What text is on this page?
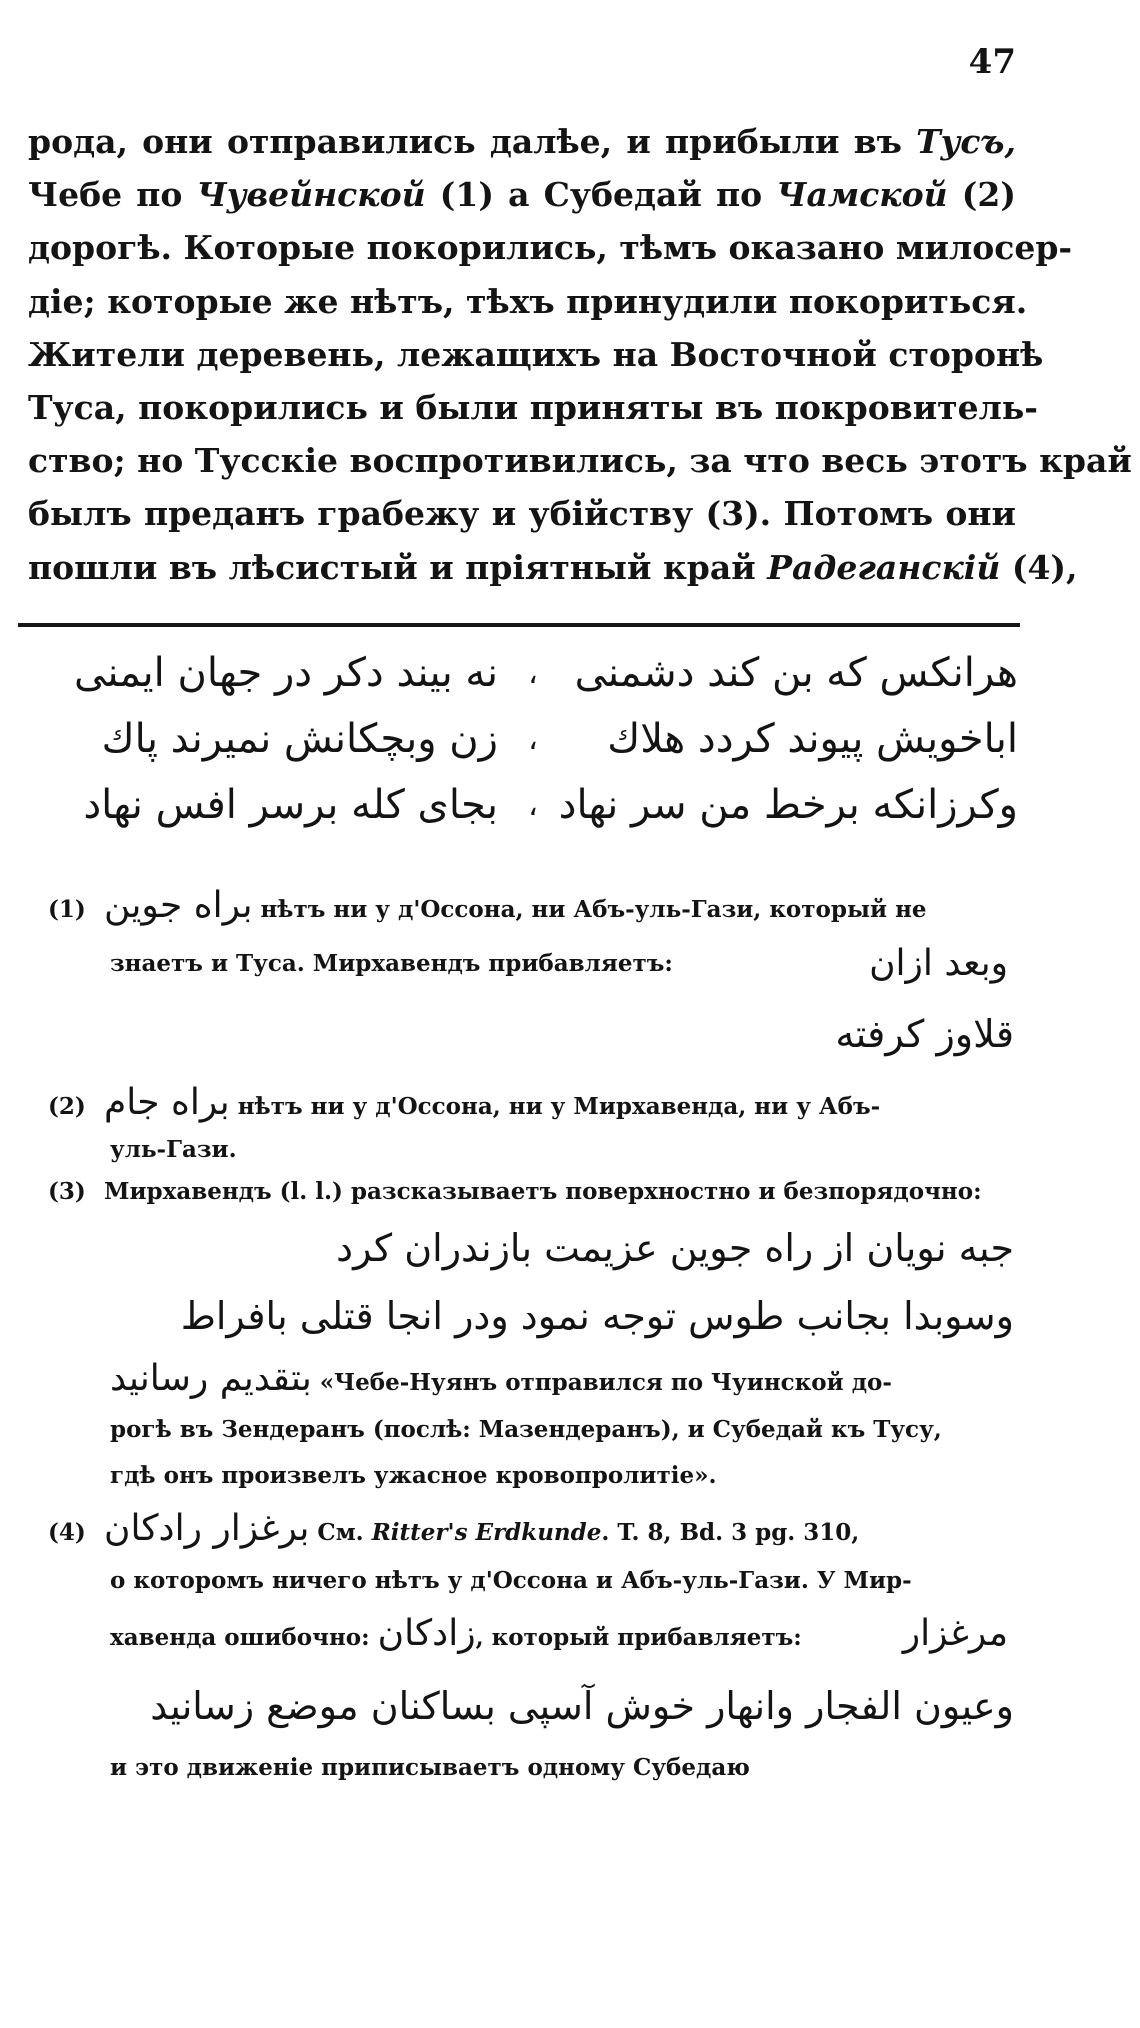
47
рода, они отправились далѣе, и прибыли въ Тусъ,
Чебе по Чувейнской (1) а Субедай по Чамской (2)
дорогѣ. Которые покорились, тѣмъ оказано милосер-
діе; которые же нѣтъ, тѣхъ принудили покориться.
Жители деревень, лежащихъ на Восточной сторонѣ
Туса, покорились и были приняты въ покровитель-
ство; но Тусскіе воспротивились, за что весь этотъ край
былъ преданъ грабежу и убійству (3). Потомъ они
пошли въ лѣсистый и пріятный край Радеганскій (4),
هرانکس که بن کند دشمنی
،
نه بیند دکر در جهان ایمنی
اباخویش پیوند کردد هلاك
،
زن وبچکانش نمیرند پاك
وکرزانکه برخط من سر نهاد
،
بجای کله برسر افس نهاد
(1) براه جوین нѣтъ ни у д'Оссона, ни Абъ-уль-Гази, который не
знаетъ и Туса. Мирхавендъ прибавляетъ:	وبعد ازان
قلاوز کرفته
(2) براه جام нѣтъ ни у д'Оссона, ни у Мирхавенда, ни у Абъ-
уль-Гази.
(3) Мирхавендъ (l. l.) разсказываетъ поверхностно и безпорядочно:
جبه نویان از راه جوین عزیمت بازندران کرد
وسوبدا بجانب طوس توجه نمود ودر انجا قتلی بافراط
بتقدیم رسانید «Чебе-Нуянъ отправился по Чуинской до-
рогѣ въ Зендеранъ (послѣ: Мазендеранъ), и Субедай къ Тусу,
гдѣ онъ произвелъ ужасное кровопролитіе».
(4) برغزار رادکان См. Ritter's Erdkunde. T. 8, Bd. 3 pg. 310,
о которомъ ничего нѣтъ у д'Оссона и Абъ-уль-Гази. У Мир-
хавенда ошибочно: زادکان, который прибавляетъ:	مرغزار
وعیون الفجار وانهار خوش آسپی بساکنان موضع زسانید
и это движеніе приписываетъ одному Субедаю
